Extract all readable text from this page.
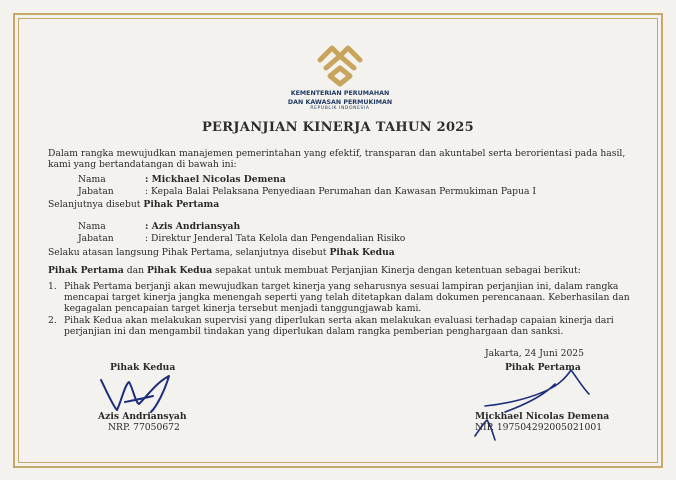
KEMENTERIAN PERUMAHAN
DAN KAWASAN PERMUKIMAN
REPUBLIK INDONESIA
PERJANJIAN KINERJA TAHUN 2025
Dalam rangka mewujudkan manajemen pemerintahan yang efektif, transparan dan akuntabel serta berorientasi pada hasil,
kami yang bertandatangan di bawah ini:
Nama	: Mickhael Nicolas Demena
Jabatan	: Kepala Balai Pelaksana Penyediaan Perumahan dan Kawasan Permukiman Papua I
Selanjutnya disebut Pihak Pertama
Nama	: Azis Andriansyah
Jabatan	: Direktur Jenderal Tata Kelola dan Pengendalian Risiko
Selaku atasan langsung Pihak Pertama, selanjutnya disebut Pihak Kedua
Pihak Pertama dan Pihak Kedua sepakat untuk membuat Perjanjian Kinerja dengan ketentuan sebagai berikut:
1. Pihak Pertama berjanji akan mewujudkan target kinerja yang seharusnya sesuai lampiran perjanjian ini, dalam rangka
mencapai target kinerja jangka menengah seperti yang telah ditetapkan dalam dokumen perencanaan. Keberhasilan dan
kegagalan pencapaian target kinerja tersebut menjadi tanggungjawab kami.
2. Pihak Kedua akan melakukan supervisi yang diperlukan serta akan melakukan evaluasi terhadap capaian kinerja dari
perjanjian ini dan mengambil tindakan yang diperlukan dalam rangka pemberian penghargaan dan sanksi.
Jakarta, 24 Juni 2025
Pihak Kedua
Azis Andriansyah
NRP. 77050672
Pihak Pertama
Mickhael Nicolas Demena
NIP. 197504292005021001
